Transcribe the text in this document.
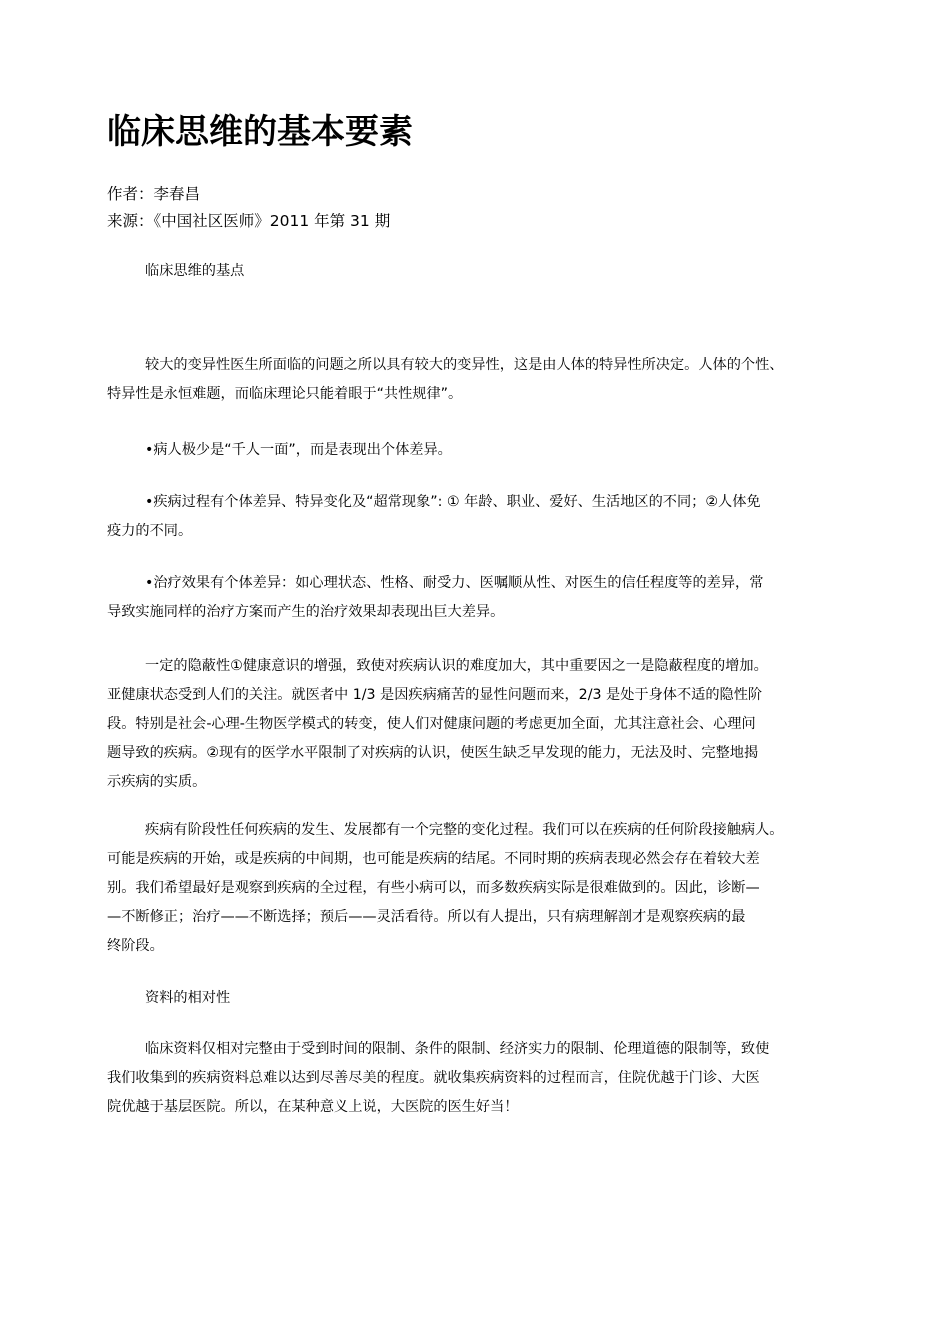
临床思维的基本要素

作者：李春昌

来源：《中国社区医师》2011 年第 31 期

临床思维的基点
较大的变异性医生所面临的问题之所以具有较大的变异性，这是由人体的特异性所决定。人体的个性、
特异性是永恒难题，而临床理论只能着眼于“共性规律”。
•病人极少是“千人一面”，而是表现出个体差异。
•疾病过程有个体差异、特异变化及“超常现象”: ① 年龄、职业、爱好、生活地区的不同；②人体免
疫力的不同。
•治疗效果有个体差异：如心理状态、性格、耐受力、医嘱顺从性、对医生的信任程度等的差异，常
导致实施同样的治疗方案而产生的治疗效果却表现出巨大差异。
一定的隐蔽性①健康意识的增强，致使对疾病认识的难度加大，其中重要因之一是隐蔽程度的增加。
亚健康状态受到人们的关注。就医者中 1/3 是因疾病痛苦的显性问题而来，2/3 是处于身体不适的隐性阶
段。特别是社会-心理-生物医学模式的转变，使人们对健康问题的考虑更加全面，尤其注意社会、心理问
题导致的疾病。②现有的医学水平限制了对疾病的认识，使医生缺乏早发现的能力，无法及时、完整地揭
示疾病的实质。
疾病有阶段性任何疾病的发生、发展都有一个完整的变化过程。我们可以在疾病的任何阶段接触病人。
可能是疾病的开始，或是疾病的中间期，也可能是疾病的结尾。不同时期的疾病表现必然会存在着较大差
别。我们希望最好是观察到疾病的全过程，有些小病可以，而多数疾病实际是很难做到的。因此，诊断—
—不断修正；治疗——不断选择；预后——灵活看待。所以有人提出，只有病理解剖才是观察疾病的最
终阶段。
资料的相对性
临床资料仅相对完整由于受到时间的限制、条件的限制、经济实力的限制、伦理道德的限制等，致使
我们收集到的疾病资料总难以达到尽善尽美的程度。就收集疾病资料的过程而言，住院优越于门诊、大医
院优越于基层医院。所以，在某种意义上说，大医院的医生好当！
